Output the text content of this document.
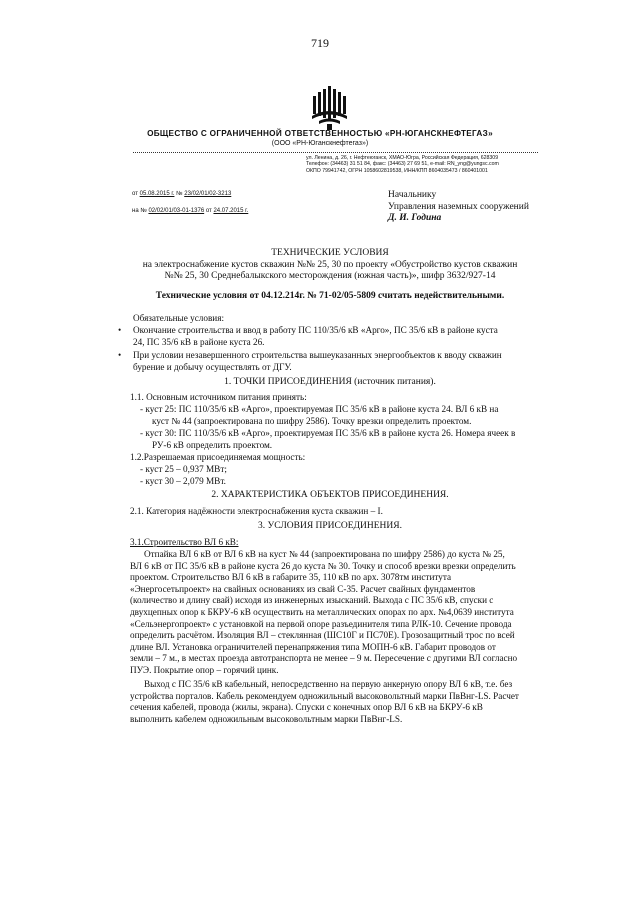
719
ОБЩЕСТВО С ОГРАНИЧЕННОЙ ОТВЕТСТВЕННОСТЬЮ «РН-ЮГАНСКНЕФТЕГАЗ»
(ООО «РН-Юганскнефтегаз»)
ул. Ленина, д. 26, г. Нефтеюганск, ХМАО-Югра, Российская Федерация, 628309
Телефон: (34463) 31 51 84, факс: (34463) 27 69 51, e-mail: RN_yng@yungsc.com
ОКПО 79941742, ОГРН 1058602819538, ИНН/КПП 8604035473 / 860401001
от 05.08.2015 г. № 23/02/01/02-3213
на № 02/02/01/03-01-1376 от 24.07.2015 г.
Начальнику
Управления наземных сооружений
Д. И. Година
ТЕХНИЧЕСКИЕ УСЛОВИЯ
на электроснабжение кустов скважин №№ 25, 30 по проекту «Обустройство кустов скважин
№№ 25, 30 Среднебалыкского месторождения (южная часть)», шифр 3632/927-14
Технические условия от 04.12.214г. № 71-02/05-5809 считать недействительными.
Обязательные условия:
• Окончание строительства и ввод в работу ПС 110/35/6 кВ «Арго», ПС 35/6 кВ в районе куста
24, ПС 35/6 кВ в районе куста 26.
• При условии незавершенного строительства вышеуказанных энергообъектов к вводу скважин
бурение и добычу осуществлять от ДГУ.
1. ТОЧКИ ПРИСОЕДИНЕНИЯ (источник питания).
1.1. Основным источником питания принять:
- куст 25: ПС 110/35/6 кВ «Арго», проектируемая ПС 35/6 кВ в районе куста 24. ВЛ 6 кВ на
куст № 44 (запроектирована по шифру 2586). Точку врезки определить проектом.
- куст 30: ПС 110/35/6 кВ «Арго», проектируемая ПС 35/6 кВ в районе куста 26. Номера ячеек в
РУ-6 кВ определить проектом.
1.2.Разрешаемая присоединяемая мощность:
- куст 25 – 0,937 МВт;
- куст 30 – 2,079 МВт.
2. ХАРАКТЕРИСТИКА ОБЪЕКТОВ ПРИСОЕДИНЕНИЯ.
2.1. Категория надёжности электроснабжения куста скважин – I.
3. УСЛОВИЯ ПРИСОЕДИНЕНИЯ.
3.1.Строительство ВЛ 6 кВ:
Отпайка ВЛ 6 кВ от ВЛ 6 кВ на куст № 44 (запроектирована по шифру 2586) до куста № 25,
ВЛ 6 кВ от ПС 35/6 кВ в районе куста 26 до куста № 30. Точку и способ врезки врезки определить
проектом. Строительство ВЛ 6 кВ в габарите 35, 110 кВ по арх. 3078тм института
«Энергосетьпроект» на свайных основаниях из свай С-35. Расчет свайных фундаментов
(количество и длину свай) исходя из инженерных изысканий. Выхода с ПС 35/6 кВ, спуски с
двухцепных опор к БКРУ-6 кВ осуществить на металлических опорах по арх. №4,0639 института
«Сельэнергопроект» с установкой на первой опоре разъединителя типа РЛК-10. Сечение провода
определить расчётом. Изоляция ВЛ – стеклянная (ШС10Г и ПС70Е). Грозозащитный трос по всей
длине ВЛ. Установка ограничителей перенапряжения типа МОПН-6 кВ. Габарит проводов от
земли – 7 м., в местах проезда автотранспорта не менее – 9 м. Пересечение с другими ВЛ согласно
ПУЭ. Покрытие опор – горячий цинк.
Выход с ПС 35/6 кВ кабельный, непосредственно на первую анкерную опору ВЛ 6 кВ, т.е. без
устройства порталов. Кабель рекомендуем одножильный высоковольтный марки ПвВнг-LS. Расчет
сечения кабелей, провода (жилы, экрана). Спуски с конечных опор ВЛ 6 кВ на БКРУ-6 кВ
выполнить кабелем одножильным высоковольтным марки ПвВнг-LS.
